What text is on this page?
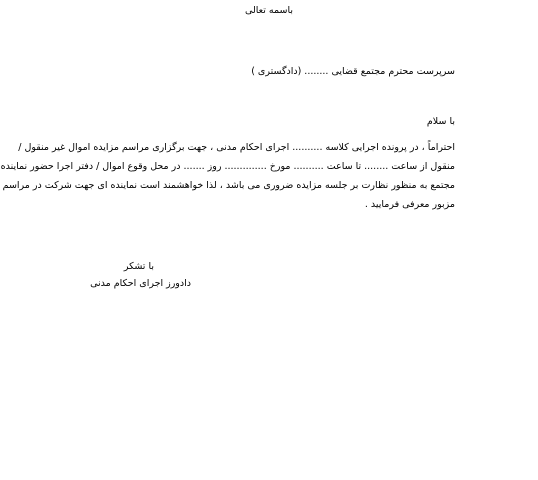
باسمه تعالی
سرپرست محترم مجتمع قضایی ........ (دادگستری )
با سلام
احتراماً ، در پرونده اجرایی کلاسه .......... اجرای احکام مدنی ، جهت برگزاری مراسم مزایده اموال غیر منقول /
منقول از ساعت ........ تا ساعت .......... مورخ .............. روز ....... در محل وقوع اموال / دفتر اجرا حضور نماینده
مجتمع به منظور نظارت بر جلسه مزایده ضروری می باشد ، لذا خواهشمند است نماینده ای جهت شرکت در مراسم
مزبور معرفی فرمایید .
با تشکر
دادورز اجرای احکام مدنی
